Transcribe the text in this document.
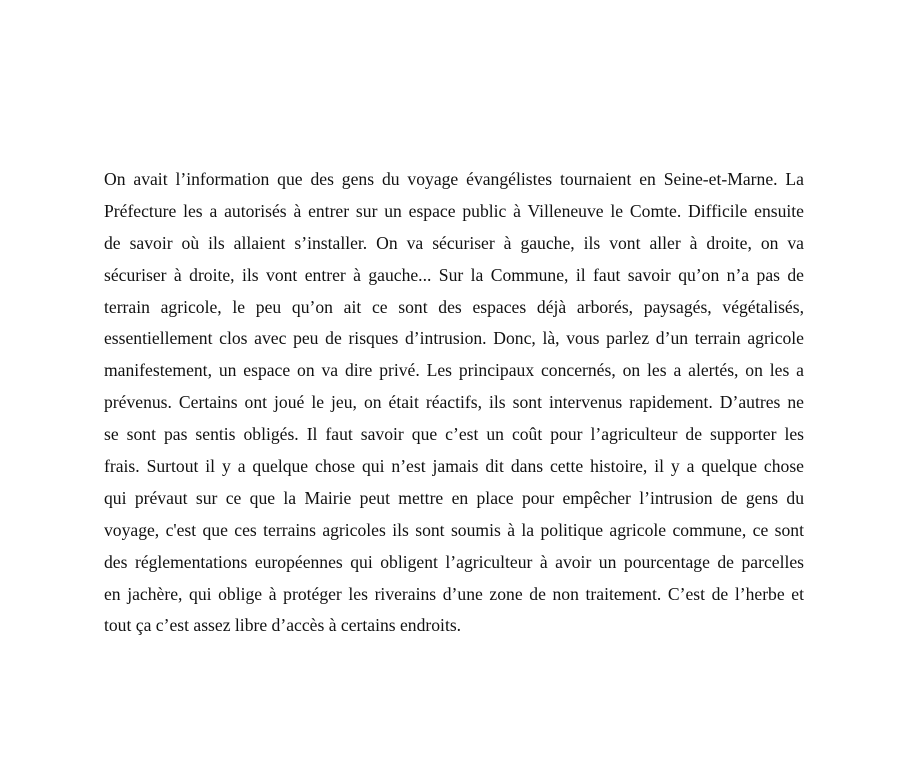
On avait l’information que des gens du voyage évangélistes tournaient en Seine-et-Marne. La
Préfecture les a autorisés à entrer sur un espace public à Villeneuve le Comte. Difficile ensuite
de savoir où ils allaient s’installer. On va sécuriser à gauche, ils vont aller à droite, on va
sécuriser à droite, ils vont entrer à gauche... Sur la Commune, il faut savoir qu’on n’a pas de
terrain agricole, le peu qu’on ait ce sont des espaces déjà arborés, paysagés, végétalisés,
essentiellement clos avec peu de risques d’intrusion. Donc, là, vous parlez d’un terrain agricole
manifestement, un espace on va dire privé. Les principaux concernés, on les a alertés, on les a
prévenus. Certains ont joué le jeu, on était réactifs, ils sont intervenus rapidement. D’autres ne
se sont pas sentis obligés. Il faut savoir que c’est un coût pour l’agriculteur de supporter les
frais. Surtout il y a quelque chose qui n’est jamais dit dans cette histoire, il y a quelque chose
qui prévaut sur ce que la Mairie peut mettre en place pour empêcher l’intrusion de gens du
voyage, c'est que ces terrains agricoles ils sont soumis à la politique agricole commune, ce sont
des réglementations européennes qui obligent l’agriculteur à avoir un pourcentage de parcelles
en jachère, qui oblige à protéger les riverains d’une zone de non traitement. C’est de l’herbe et
tout ça c’est assez libre d’accès à certains endroits.
